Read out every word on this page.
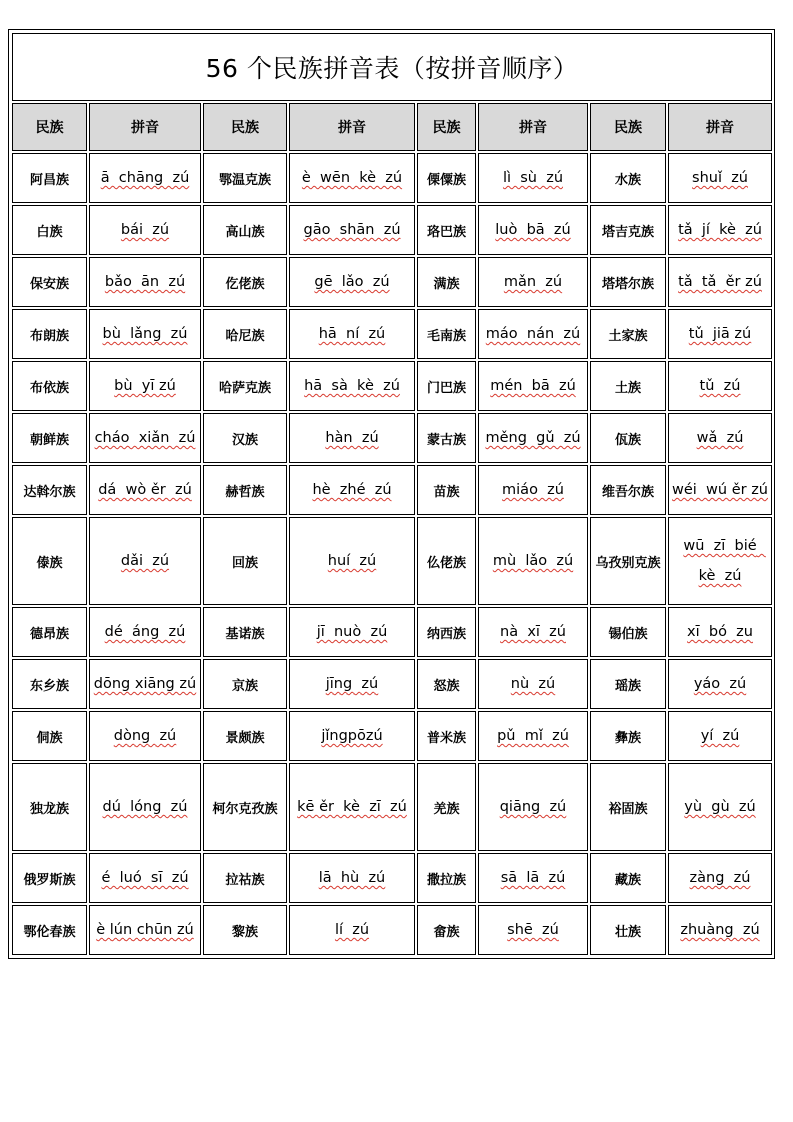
56 个民族拼音表（按拼音顺序）							
民族	拼音	民族	拼音	民族	拼音	民族	拼音
阿昌族	ā  chāng  zú	鄂温克族	è  wēn  kè  zú	傈僳族	lì  sù  zú	水族	shuǐ  zú
白族	bái  zú	高山族	gāo  shān  zú	珞巴族	luò  bā  zú	塔吉克族	tǎ  jí  kè  zú
保安族	bǎo  ān  zú	仡佬族	gē  lǎo  zú	满族	mǎn  zú	塔塔尔族	tǎ  tǎ  ěr zú
布朗族	bù  lǎng  zú	哈尼族	hā  ní  zú	毛南族	máo  nán  zú	土家族	tǔ  jiā zú
布依族	bù  yī zú	哈萨克族	hā  sà  kè  zú	门巴族	mén  bā  zú	土族	tǔ  zú
朝鲜族	cháo  xiǎn  zú	汉族	hàn  zú	蒙古族	měng  gǔ  zú	佤族	wǎ  zú
达斡尔族	dá  wò ěr  zú	赫哲族	hè  zhé  zú	苗族	miáo  zú	维吾尔族	wéi  wú ěr zú
傣族	dǎi  zú	回族	huí  zú	仫佬族	mù  lǎo  zú	乌孜别克族	wū  zī  bié  kè  zú
德昂族	dé  áng  zú	基诺族	jī  nuò  zú	纳西族	nà  xī  zú	锡伯族	xī  bó  zu
东乡族	dōng xiāng zú	京族	jīng  zú	怒族	nù  zú	瑶族	yáo  zú
侗族	dòng  zú	景颇族	jǐngpōzú	普米族	pǔ  mǐ  zú	彝族	yí  zú
独龙族	dú  lóng  zú	柯尔克孜族	kē ěr  kè  zī  zú	羌族	qiāng  zú	裕固族	yù  gù  zú
俄罗斯族	é  luó  sī  zú	拉祜族	lā  hù  zú	撒拉族	sā  lā  zú	藏族	zàng  zú
鄂伦春族	è lún chūn zú	黎族	lí  zú	畲族	shē  zú	壮族	zhuàng  zú
